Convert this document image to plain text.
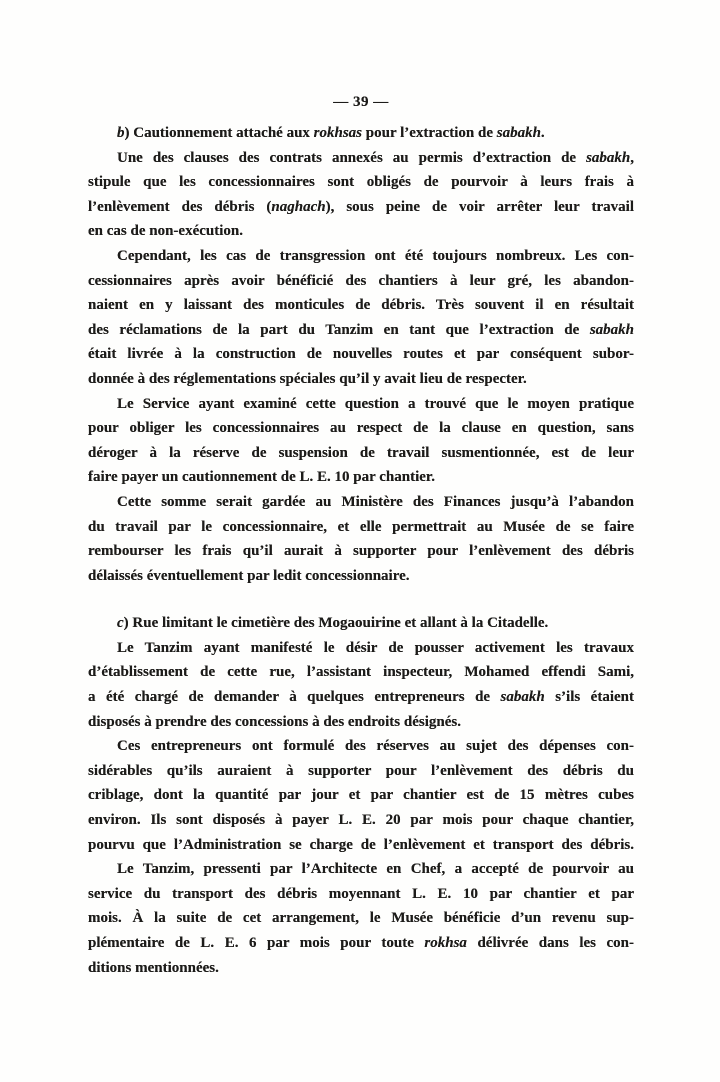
— 39 —
b) Cautionnement attaché aux rokhsas pour l’extraction de sabakh.
Une des clauses des contrats annexés au permis d’extraction de sabakh,
stipule que les concessionnaires sont obligés de pourvoir à leurs frais à
l’enlèvement des débris (naghach), sous peine de voir arrêter leur travail
en cas de non-exécution.
Cependant, les cas de transgression ont été toujours nombreux. Les con-
cessionnaires après avoir bénéficié des chantiers à leur gré, les abandon-
naient en y laissant des monticules de débris. Très souvent il en résultait
des réclamations de la part du Tanzim en tant que l’extraction de sabakh
était livrée à la construction de nouvelles routes et par conséquent subor-
donnée à des réglementations spéciales qu’il y avait lieu de respecter.
Le Service ayant examiné cette question a trouvé que le moyen pratique
pour obliger les concessionnaires au respect de la clause en question, sans
déroger à la réserve de suspension de travail susmentionnée, est de leur
faire payer un cautionnement de L. E. 10 par chantier.
Cette somme serait gardée au Ministère des Finances jusqu’à l’abandon
du travail par le concessionnaire, et elle permettrait au Musée de se faire
rembourser les frais qu’il aurait à supporter pour l’enlèvement des débris
délaissés éventuellement par ledit concessionnaire.
c) Rue limitant le cimetière des Mogaouirine et allant à la Citadelle.
Le Tanzim ayant manifesté le désir de pousser activement les travaux
d’établissement de cette rue, l’assistant inspecteur, Mohamed effendi Sami,
a été chargé de demander à quelques entrepreneurs de sabakh s’ils étaient
disposés à prendre des concessions à des endroits désignés.
Ces entrepreneurs ont formulé des réserves au sujet des dépenses con-
sidérables qu’ils auraient à supporter pour l’enlèvement des débris du
criblage, dont la quantité par jour et par chantier est de 15 mètres cubes
environ. Ils sont disposés à payer L. E. 20 par mois pour chaque chantier,
pourvu que l’Administration se charge de l’enlèvement et transport des débris.
Le Tanzim, pressenti par l’Architecte en Chef, a accepté de pourvoir au
service du transport des débris moyennant L. E. 10 par chantier et par
mois. À la suite de cet arrangement, le Musée bénéficie d’un revenu sup-
plémentaire de L. E. 6 par mois pour toute rokhsa délivrée dans les con-
ditions mentionnées.
